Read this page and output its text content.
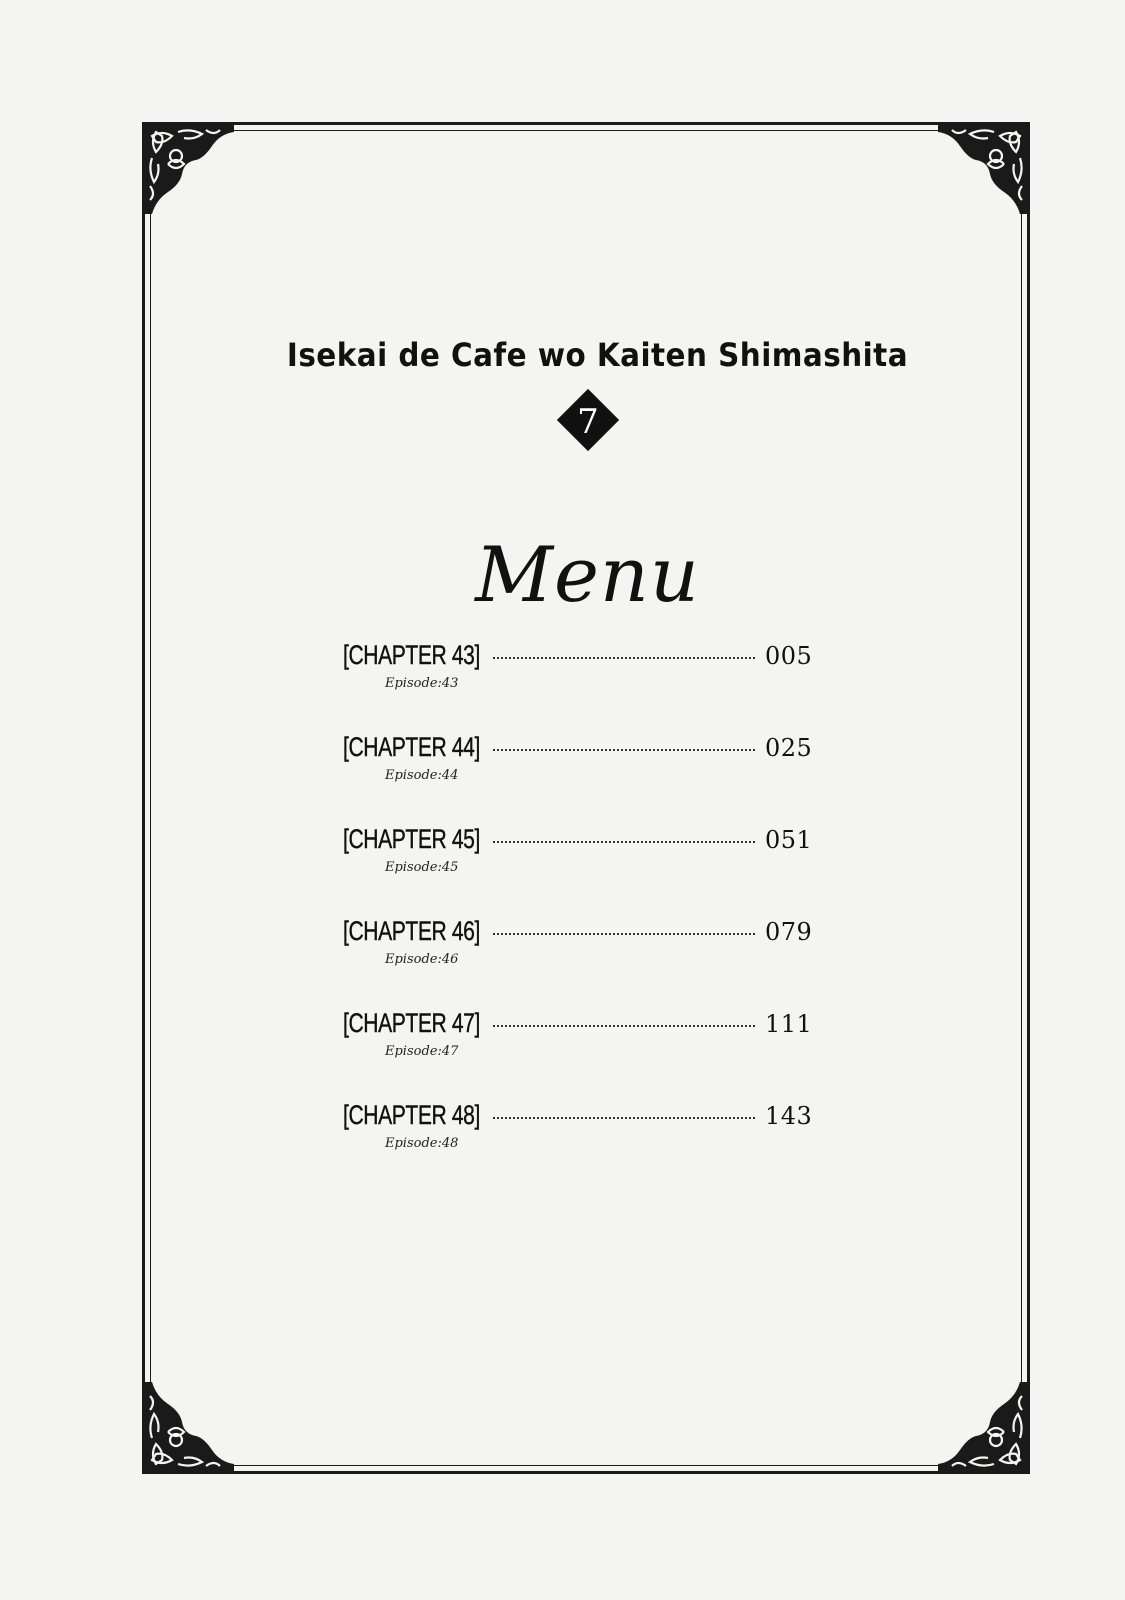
Isekai de Cafe wo Kaiten Shimashita
7
Menu
[CHAPTER 43]	005
Episode:43
[CHAPTER 44]	025
Episode:44
[CHAPTER 45]	051
Episode:45
[CHAPTER 46]	079
Episode:46
[CHAPTER 47]	111
Episode:47
[CHAPTER 48]	143
Episode:48
